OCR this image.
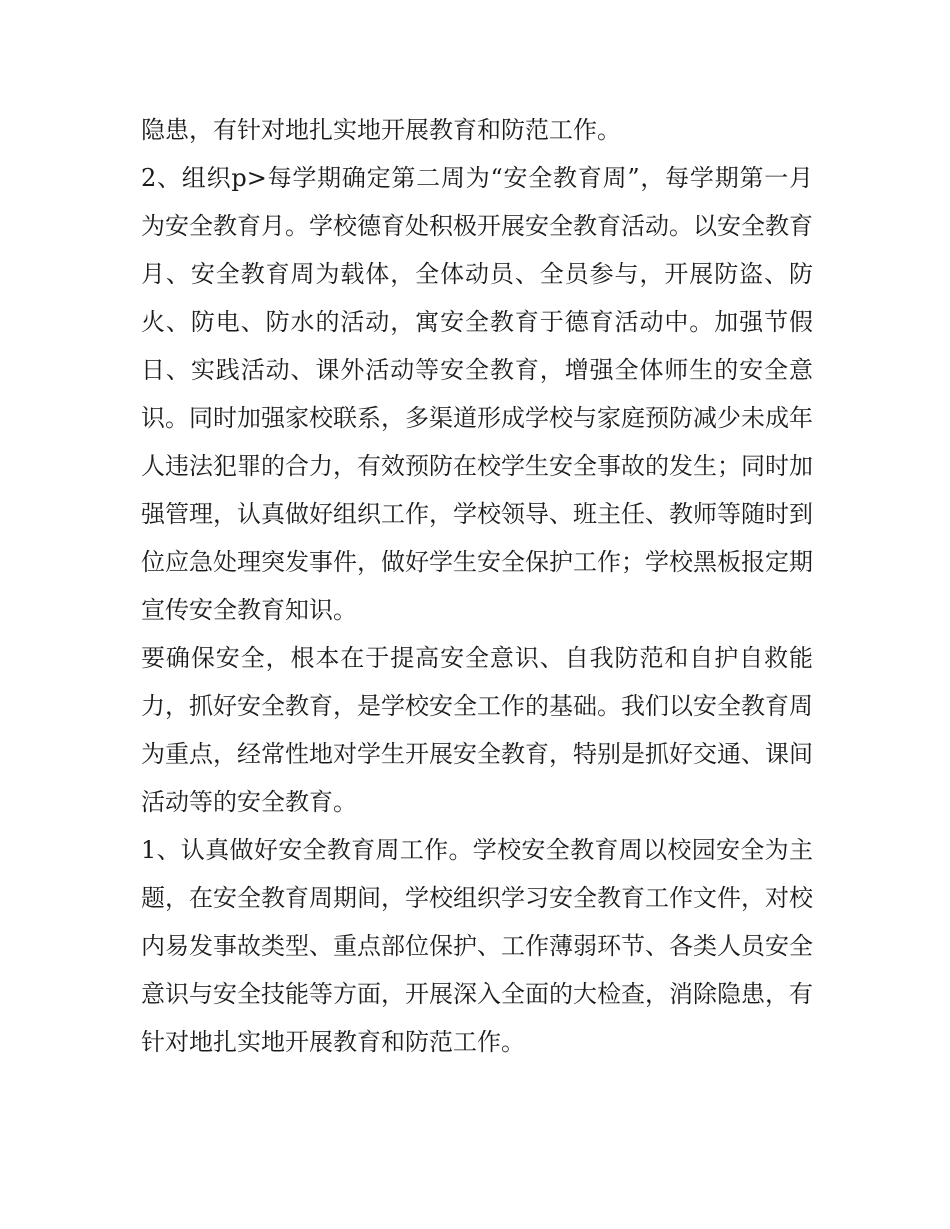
隐患，有针对地扎实地开展教育和防范工作。

2、组织p>每学期确定第二周为“安全教育周”，每学期第一月为安全教育月。学校德育处积极开展安全教育活动。以安全教育月、安全教育周为载体，全体动员、全员参与，开展防盗、防火、防电、防水的活动，寓安全教育于德育活动中。加强节假日、实践活动、课外活动等安全教育，增强全体师生的安全意识。同时加强家校联系，多渠道形成学校与家庭预防减少未成年人违法犯罪的合力，有效预防在校学生安全事故的发生；同时加强管理，认真做好组织工作，学校领导、班主任、教师等随时到位应急处理突发事件，做好学生安全保护工作；学校黑板报定期宣传安全教育知识。

要确保安全，根本在于提高安全意识、自我防范和自护自救能力，抓好安全教育，是学校安全工作的基础。我们以安全教育周为重点，经常性地对学生开展安全教育，特别是抓好交通、课间活动等的安全教育。

1、认真做好安全教育周工作。学校安全教育周以校园安全为主题，在安全教育周期间，学校组织学习安全教育工作文件，对校内易发事故类型、重点部位保护、工作薄弱环节、各类人员安全意识与安全技能等方面，开展深入全面的大检查，消除隐患，有针对地扎实地开展教育和防范工作。
